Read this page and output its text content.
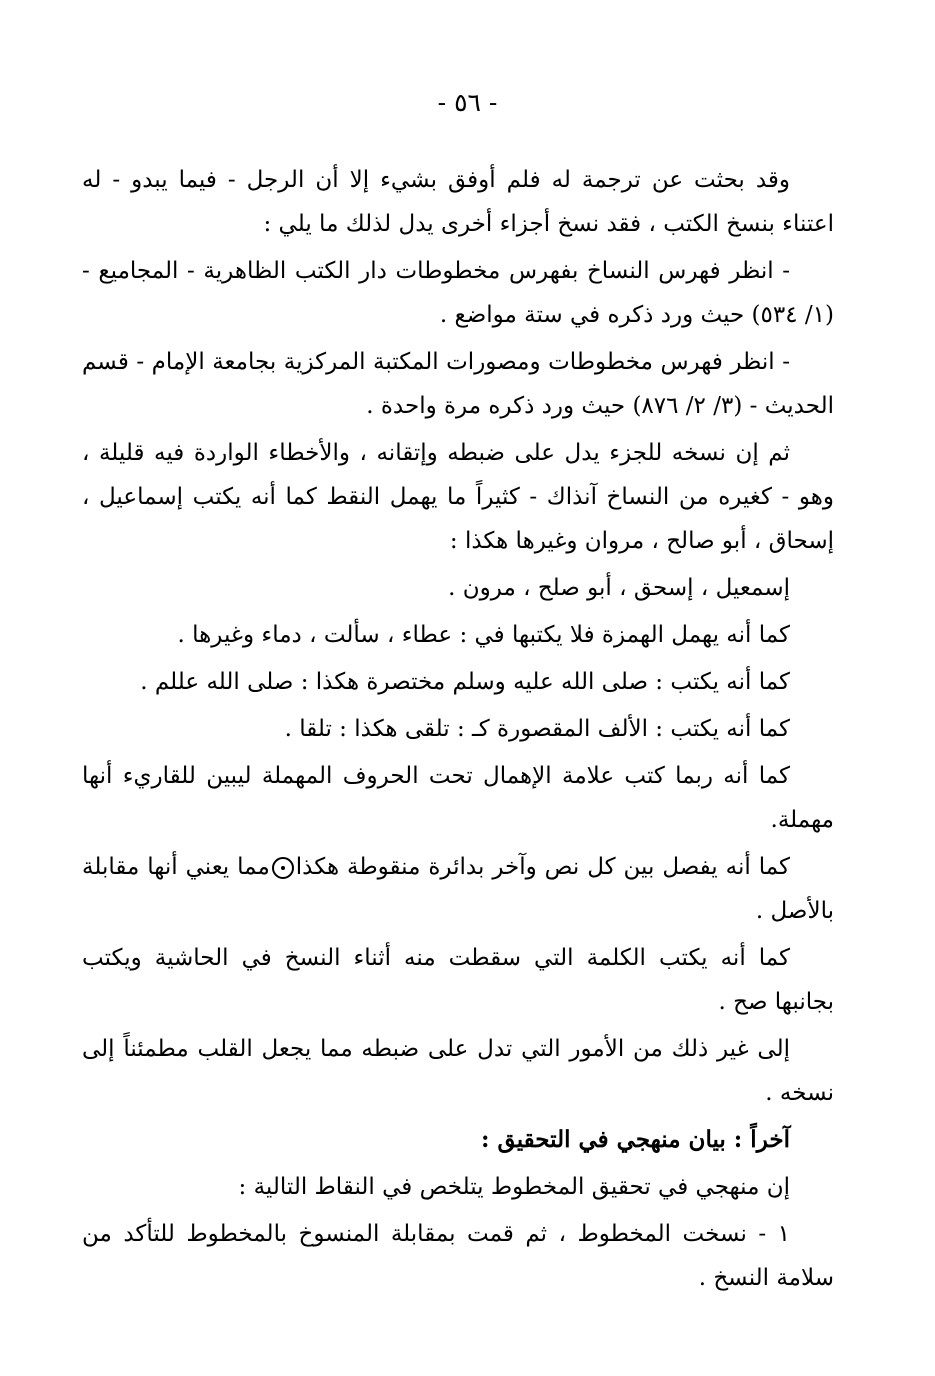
- ٥٦ -

وقد بحثت عن ترجمة له فلم أوفق بشيء إلا أن الرجل - فيما يبدو - له اعتناء بنسخ الكتب ، فقد نسخ أجزاء أخرى يدل لذلك ما يلي :

- انظر فهرس النساخ بفهرس مخطوطات دار الكتب الظاهرية - المجاميع - (١/ ٥٣٤) حيث ورد ذكره في ستة مواضع .

- انظر فهرس مخطوطات ومصورات المكتبة المركزية بجامعة الإمام - قسم الحديث - (٣/ ٢/ ٨٧٦) حيث ورد ذكره مرة واحدة .

ثم إن نسخه للجزء يدل على ضبطه وإتقانه ، والأخطاء الواردة فيه قليلة ، وهو - كغيره من النساخ آنذاك - كثيراً ما يهمل النقط كما أنه يكتب إسماعيل ، إسحاق ، أبو صالح ، مروان وغيرها هكذا :

إسمعيل ، إسحق ، أبو صلح ، مرون .

كما أنه يهمل الهمزة فلا يكتبها في : عطاء ، سألت ، دماء وغيرها .

كما أنه يكتب : صلى الله عليه وسلم مختصرة هكذا : صلى الله عللم .

كما أنه يكتب : الألف المقصورة كـ : تلقى هكذا : تلقا .

كما أنه ربما كتب علامة الإهمال تحت الحروف المهملة ليبين للقاريء أنها مهملة.

كما أنه يفصل بين كل نص وآخر بدائرة منقوطة هكذامما يعني أنها مقابلة بالأصل .

كما أنه يكتب الكلمة التي سقطت منه أثناء النسخ في الحاشية ويكتب بجانبها صح .

إلى غير ذلك من الأمور التي تدل على ضبطه مما يجعل القلب مطمئناً إلى نسخه .

آخراً : بيان منهجي في التحقيق :

إن منهجي في تحقيق المخطوط يتلخص في النقاط التالية :

١ - نسخت المخطوط ، ثم قمت بمقابلة المنسوخ بالمخطوط للتأكد من سلامة النسخ .
